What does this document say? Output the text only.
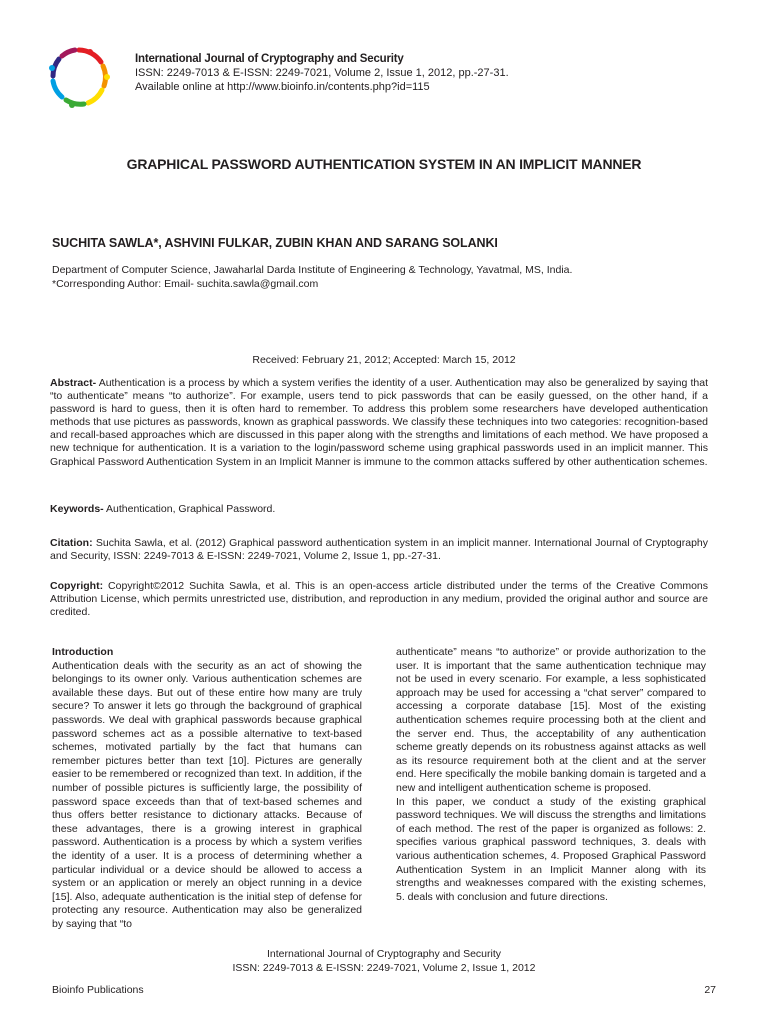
International Journal of Cryptography and Security
ISSN: 2249-7013 & E-ISSN: 2249-7021, Volume 2, Issue 1, 2012, pp.-27-31.
Available online at http://www.bioinfo.in/contents.php?id=115
GRAPHICAL PASSWORD AUTHENTICATION SYSTEM IN AN IMPLICIT MANNER
SUCHITA SAWLA*, ASHVINI FULKAR, ZUBIN KHAN AND SARANG SOLANKI
Department of Computer Science, Jawaharlal Darda Institute of Engineering & Technology, Yavatmal, MS, India.
*Corresponding Author: Email- suchita.sawla@gmail.com
Received: February 21, 2012; Accepted: March 15, 2012
Abstract- Authentication is a process by which a system verifies the identity of a user. Authentication may also be generalized by saying that “to authenticate” means “to authorize”. For example, users tend to pick passwords that can be easily guessed, on the other hand, if a password is hard to guess, then it is often hard to remember. To address this problem some researchers have developed authentication methods that use pictures as passwords, known as graphical passwords. We classify these techniques into two categories: recognition-based and recall-based approaches which are discussed in this paper along with the strengths and limitations of each method. We have proposed a new technique for authentication. It is a variation to the login/password scheme using graphical passwords used in an implicit manner. This Graphical Password Authentication System in an Implicit Manner is immune to the common attacks suffered by other authentication schemes.
Keywords- Authentication, Graphical Password.
Citation: Suchita Sawla, et al. (2012) Graphical password authentication system in an implicit manner. International Journal of Cryptography and Security, ISSN: 2249-7013 & E-ISSN: 2249-7021, Volume 2, Issue 1, pp.-27-31.
Copyright: Copyright©2012 Suchita Sawla, et al. This is an open-access article distributed under the terms of the Creative Commons Attribution License, which permits unrestricted use, distribution, and reproduction in any medium, provided the original author and source are credited.

Introduction

Authentication deals with the security as an act of showing the belongings to its owner only. Various authentication schemes are available these days. But out of these entire how many are truly secure? To answer it lets go through the background of graphical passwords. We deal with graphical passwords because graphical password schemes act as a possible alternative to text-based schemes, motivated partially by the fact that humans can remember pictures better than text [10]. Pictures are generally easier to be remembered or recognized than text. In addition, if the number of possible pictures is sufficiently large, the possibility of password space exceeds than that of text-based schemes and thus offers better resistance to dictionary attacks. Because of these advantages, there is a growing interest in graphical password. Authentication is a process by which a system verifies the identity of a user. It is a process of determining whether a particular individual or a device should be allowed to access a system or an application or merely an object running in a device [15]. Also, adequate authentication is the initial step of defense for protecting any resource. Authentication may also be generalized by saying that “to

authenticate” means “to authorize” or provide authorization to the user. It is important that the same authentication technique may not be used in every scenario. For example, a less sophisticated approach may be used for accessing a “chat server” compared to accessing a corporate database [15]. Most of the existing authentication schemes require processing both at the client and the server end. Thus, the acceptability of any authentication scheme greatly depends on its robustness against attacks as well as its resource requirement both at the client and at the server end. Here specifically the mobile banking domain is targeted and a new and intelligent authentication scheme is proposed.

In this paper, we conduct a study of the existing graphical password techniques. We will discuss the strengths and limitations of each method. The rest of the paper is organized as follows: 2. specifies various graphical password techniques, 3. deals with various authentication schemes, 4. Proposed Graphical Password Authentication System in an Implicit Manner along with its strengths and weaknesses compared with the existing schemes, 5. deals with conclusion and future directions.

International Journal of Cryptography and Security
ISSN: 2249-7013 & E-ISSN: 2249-7021, Volume 2, Issue 1, 2012
Bioinfo Publications	27
